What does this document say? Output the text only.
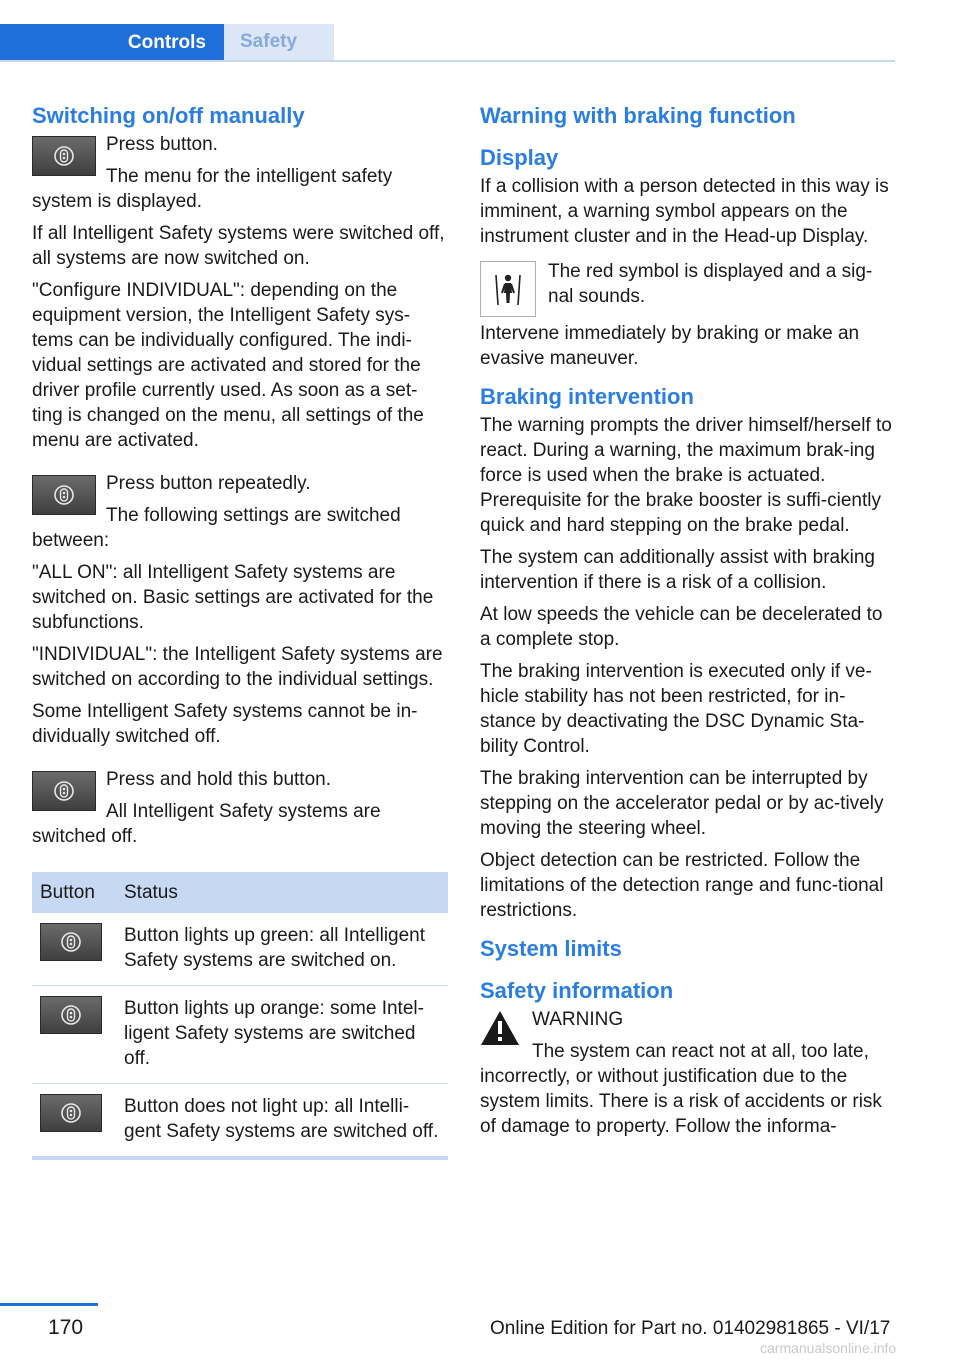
Controls	Safety
Switching on/off manually

Press button.

The menu for the intelligent safety system is displayed.

If all Intelligent Safety systems were switched off, all systems are now switched on.

"Configure INDIVIDUAL": depending on the equipment version, the Intelligent Safety sys-tems can be individually configured. The indi-vidual settings are activated and stored for the driver profile currently used. As soon as a set-ting is changed on the menu, all settings of the menu are activated.

Press button repeatedly.

The following settings are switched between:

"ALL ON": all Intelligent Safety systems are switched on. Basic settings are activated for the subfunctions.

"INDIVIDUAL": the Intelligent Safety systems are switched on according to the individual settings.

Some Intelligent Safety systems cannot be in-dividually switched off.

Press and hold this button.

All Intelligent Safety systems are switched off.

Button	Status

	Button lights up green: all Intelligent Safety systems are switched on.

	Button lights up orange: some Intel-ligent Safety systems are switched off.

	Button does not light up: all Intelli-gent Safety systems are switched off.
Warning with braking function
Display

If a collision with a person detected in this way is imminent, a warning symbol appears on the instrument cluster and in the Head-up Display.

The red symbol is displayed and a sig-nal sounds.

Intervene immediately by braking or make an evasive maneuver.

Braking intervention

The warning prompts the driver himself/herself to react. During a warning, the maximum brak-ing force is used when the brake is actuated. Prerequisite for the brake booster is suffi-ciently quick and hard stepping on the brake pedal.

The system can additionally assist with braking intervention if there is a risk of a collision.

At low speeds the vehicle can be decelerated to a complete stop.

The braking intervention is executed only if ve-hicle stability has not been restricted, for in-stance by deactivating the DSC Dynamic Sta-bility Control.

The braking intervention can be interrupted by stepping on the accelerator pedal or by ac-tively moving the steering wheel.

Object detection can be restricted. Follow the limitations of the detection range and func-tional restrictions.

System limits
Safety information

WARNING

The system can react not at all, too late, incorrectly, or without justification due to the system limits. There is a risk of accidents or risk of damage to property. Follow the informa-

170	Online Edition for Part no. 01402981865 - VI/17
carmanualsonline.info
